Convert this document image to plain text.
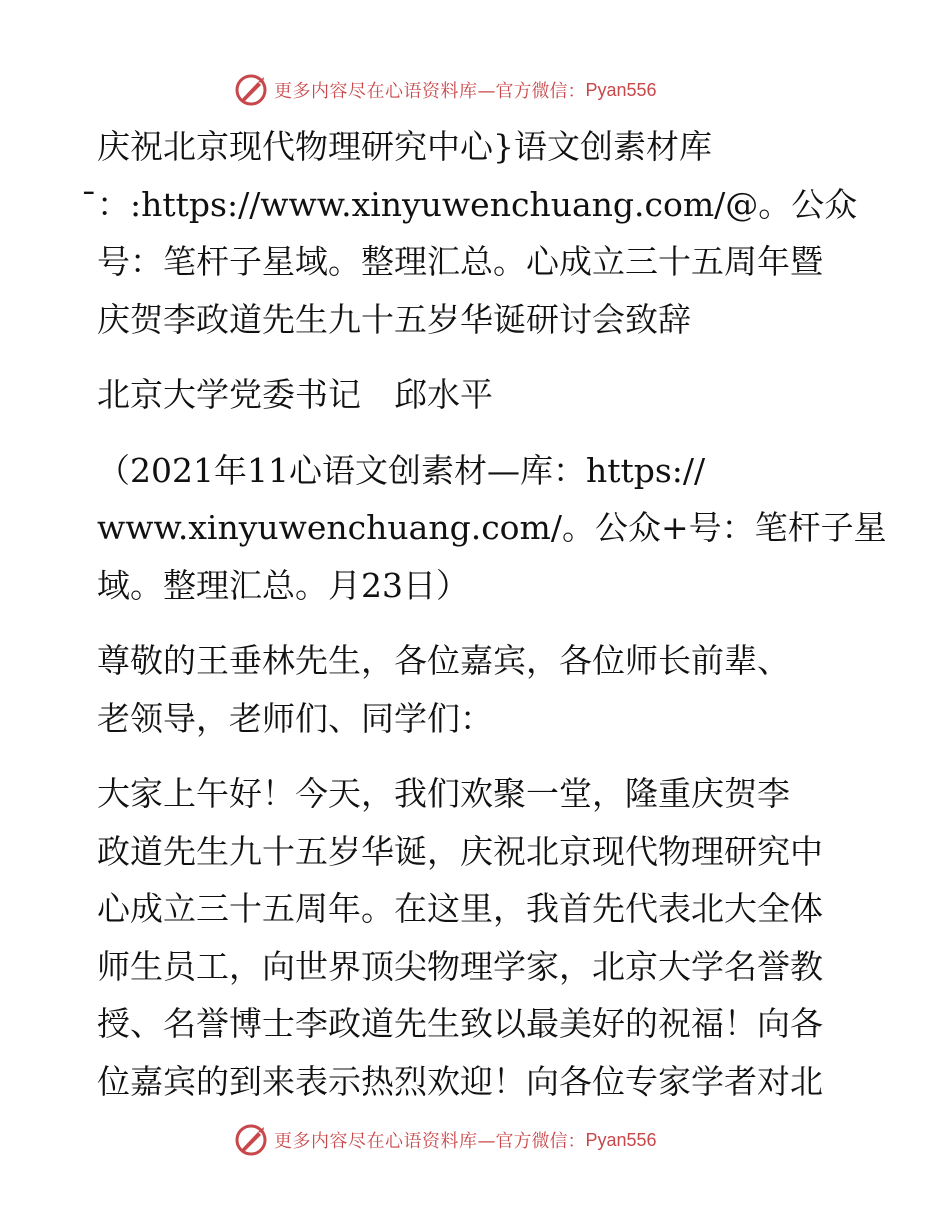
更多内容尽在心语资料库 —官方微信： Pyan556

庆祝北京现代物理研究中心}语文创素材库

̄：:https://www.xinyuwenchuang.com/@。公众

号：笔杆子星域。整理汇总。心成立三十五周年暨

庆贺李政道先生九十五岁华诞研讨会致辞

北京大学党委书记　邱水平

（2021年11心语文创素材—库：https://

www.xinyuwenchuang.com/。公众+号：笔杆子星

域。整理汇总。月23日）

尊敬的王垂林先生，各位嘉宾，各位师长前辈、

老领导，老师们、同学们：

大家上午好！今天，我们欢聚一堂，隆重庆贺李

政道先生九十五岁华诞，庆祝北京现代物理研究中

心成立三十五周年。在这里，我首先代表北大全体

师生员工，向世界顶尖物理学家，北京大学名誉教

授、名誉博士李政道先生致以最美好的祝福！向各

位嘉宾的到来表示热烈欢迎！向各位专家学者对北

更多内容尽在心语资料库 —官方微信： Pyan556
